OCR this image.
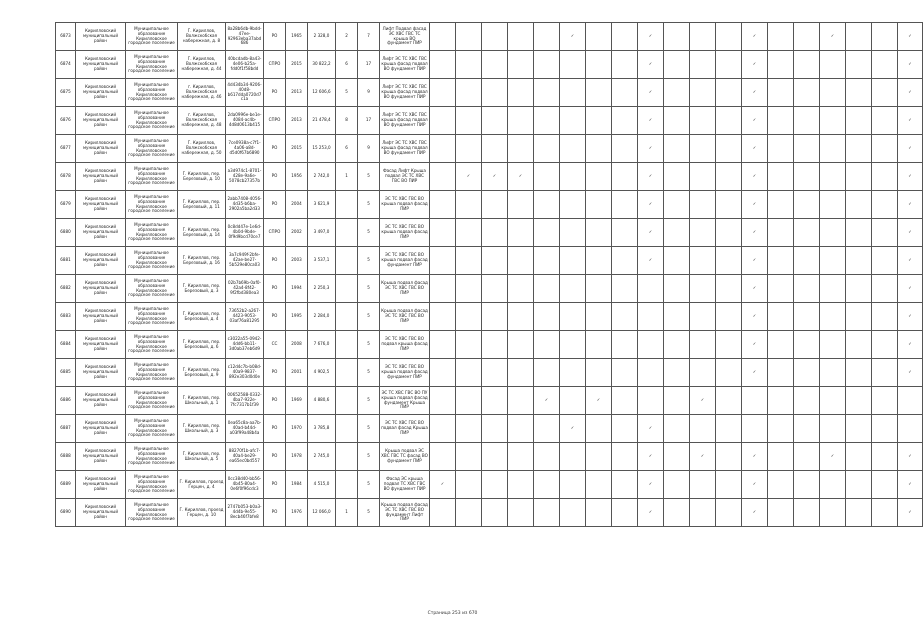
6873	Кирилловский муниципальный район	Муниципальное образование Кирилловское городское поселение	Г. Кириллов, Волжскобская набережная, д. 8	8a28b6db-9bdd-47ee-92963eba37abd686	РО	1965	2 328,0	2	7	Лифт Подвал фасад ЭС ХВС ГВС ТС крыша ВО фундамент ПИР						✓			✓				✓			✓			✓
6874	Кирилловский муниципальный район	Муниципальное образование Кирилловское городское поселение	Г. Кириллов, Волжскобская набережная, д. 44	40bcdadb-8a43-4e06-b25a-fdd0f1f58bdd	СПРО	2015	30 822,2	6	17	Лифт ЭС ТС ХВС ГВС крыша фасад подвал ВО фундамент ПИР									✓				✓						✓
6875	Кирилловский муниципальный район	Муниципальное образование Кирилловское городское поселение	г. Кириллов, Волжскобская набережная, д. 46	4d434b34-9206-40d8-b617dda0720d7c1a	РО	2013	12 606,6	5	9	Лифт ЭС ТС ХВС ГВС крыша фасад подвал ВО фундамент ПИР									✓				✓						✓
6876	Кирилловский муниципальный район	Муниципальное образование Кирилловское городское поселение	г. Кириллов, Волжскобская набережная, д. 48	2da0996e-be1e-4084-ac4b-4d8d0613b415	СПРО	2013	21 478,4	8	17	Лифт ЭС ТС ХВС ГВС крыша фасад подвал ВО фундамент ПИР									✓				✓						✓
6877	Кирилловский муниципальный район	Муниципальное образование Кирилловское городское поселение	Г. Кириллов, Волжскобская набережная, д. 50	7ce0938a-c7f1-4a06-a8d-d5d0f67b6890	РО	2015	15 253,0	6	9	Лифт ЭС ТС ХВС ГВС крыша фасад подвал ВО фундамент ПИР									✓				✓						✓
6878	Кирилловский муниципальный район	Муниципальное образование Кирилловское городское поселение	Г. Кириллов, пер. Березовый, д. 10	a3d974c1-8701-428e-9a6e-5078cb27357b	РО	1956	2 742,0	1	5	Фасад Лифт Крыша подвал ЭС ТС ХВС ГВС ВО ПИР		✓	✓	✓					✓				✓						✓
6879	Кирилловский муниципальный район	Муниципальное образование Кирилловское городское поселение	Г. Кириллов, пер. Березовый, д. 11	2abb7408-4056-4d35-b6ba-2902a5ba2d33	РО	2004	3 621,9		5	ЭС ТС ХВС ГВС ВО крыша подвал фасад ПИР									✓				✓						✓
6880	Кирилловский муниципальный район	Муниципальное образование Кирилловское городское поселение	Г. Кириллов, пер. Березовый, д. 14	0c8dd47e-1e6d-4b0d-9bde-0f9d9bcd70ce7	СПРО	2002	3 497,0		5	ЭС ТС ХВС ГВС ВО крыша подвал фасад ПИР									✓				✓						✓
6881	Кирилловский муниципальный район	Муниципальное образование Кирилловское городское поселение	Г. Кириллов, пер. Березовый, д. 16	3a7c949f-2bfe-42ae-be27-5b529e80ca03	РО	2003	3 537,1		5	ЭС ТС ХВС ГВС ВО крыша подвал фасад фундамент ПИР									✓				✓						✓
6882	Кирилловский муниципальный район	Муниципальное образование Кирилловское городское поселение	Г. Кириллов, пер. Березовый, д. 3	02b7b69b-0af0-42a4-8f42-9f2fbd380ea3	РО	1994	2 250,3		5	Крыша подвал фасад ЭС ТС ХВС ГВС ВО ПИР													✓						✓
6883	Кирилловский муниципальный район	Муниципальное образование Кирилловское городское поселение	Г. Кириллов, пер. Березовый, д. 4	73652b2-a267-4423-9053-03af76a81295	РО	1995	2 284,0		5	Крыша подвал фасад ЭС ТС ХВС ГВС ВО ПИР													✓						✓
6884	Кирилловский муниципальный район	Муниципальное образование Кирилловское городское поселение	Г. Кириллов, пер. Березовый, д. 6	c3022a55-0942-4dd6-bb11-3d0ab37eb6d9	СС	2008	7 676,0		5	ЭС ТС ХВС ГВС ВО подвал крыша фасад ПИР													✓						✓
6885	Кирилловский муниципальный район	Муниципальное образование Кирилловское городское поселение	Г. Кириллов, пер. Березовый, д. 9	c12d4c7b-b08d-40a9-9837-892e303d0d0e	РО	2001	4 902,5		5	ЭС ТС ХВС ГВС ВО крыша подвал фасад фундамент ПИР													✓						✓
6886	Кирилловский муниципальный район	Муниципальное образование Кирилловское городское поселение	Г. Кириллов, пер. Школьный, д. 1	00652588-0332-4ba7-922e-7fc7317b1f39	РО	1969	4 880,6		5	ЭС ТС ХВС ГВС ВО ПУ крыша подвал фасад фундамент Крыша ПИР					✓		✓				✓								
6887	Кирилловский муниципальный район	Муниципальное образование Кирилловское городское поселение	Г. Кириллов, пер. Школьный, д. 3	0ea65c8a-aa7b-40ad-b44d-a03f99a48b4a	РО	1970	3 785,8		5	ЭС ТС ХВС ГВС ВО подвал фасад Крыша ПИР						✓			✓										
6888	Кирилловский муниципальный район	Муниципальное образование Кирилловское городское поселение	Г. Кириллов, пер. Школьный, д. 5	88270f1b-afc7-40a4-be29-ea65ec0bd557	РО	1978	2 745,0		5	Крыша подвал ЭС ХВС ГВС ТС фасад ВО фундамент ПИР									✓		✓		✓			✓			✓
6889	Кирилловский муниципальный район	Муниципальное образование Кирилловское городское поселение	Г. Кириллов, проезд Герцен, д. 4	0cc38d40-bb56-4b45-80a4-0e6f0f96cdc3	РО	1984	4 515,0		5	Фасад ЭС крыша подвал ТС ХВС ГВС ВО фундамент ПИР	✓								✓				✓						✓
6890	Кирилловский муниципальный район	Муниципальное образование Кирилловское городское поселение	Г. Кириллов, проезд Герцен, д. 10	2747b053-b0a3-4d4b-9e55-8ecb46f7bfe8	РО	1976	12 066,0	1	5	Крыша подвал фасад ЭС ТС ХВС ГВС ВО фундамент Лифт ПИР									✓				✓						✓
Страница 253 из 670
